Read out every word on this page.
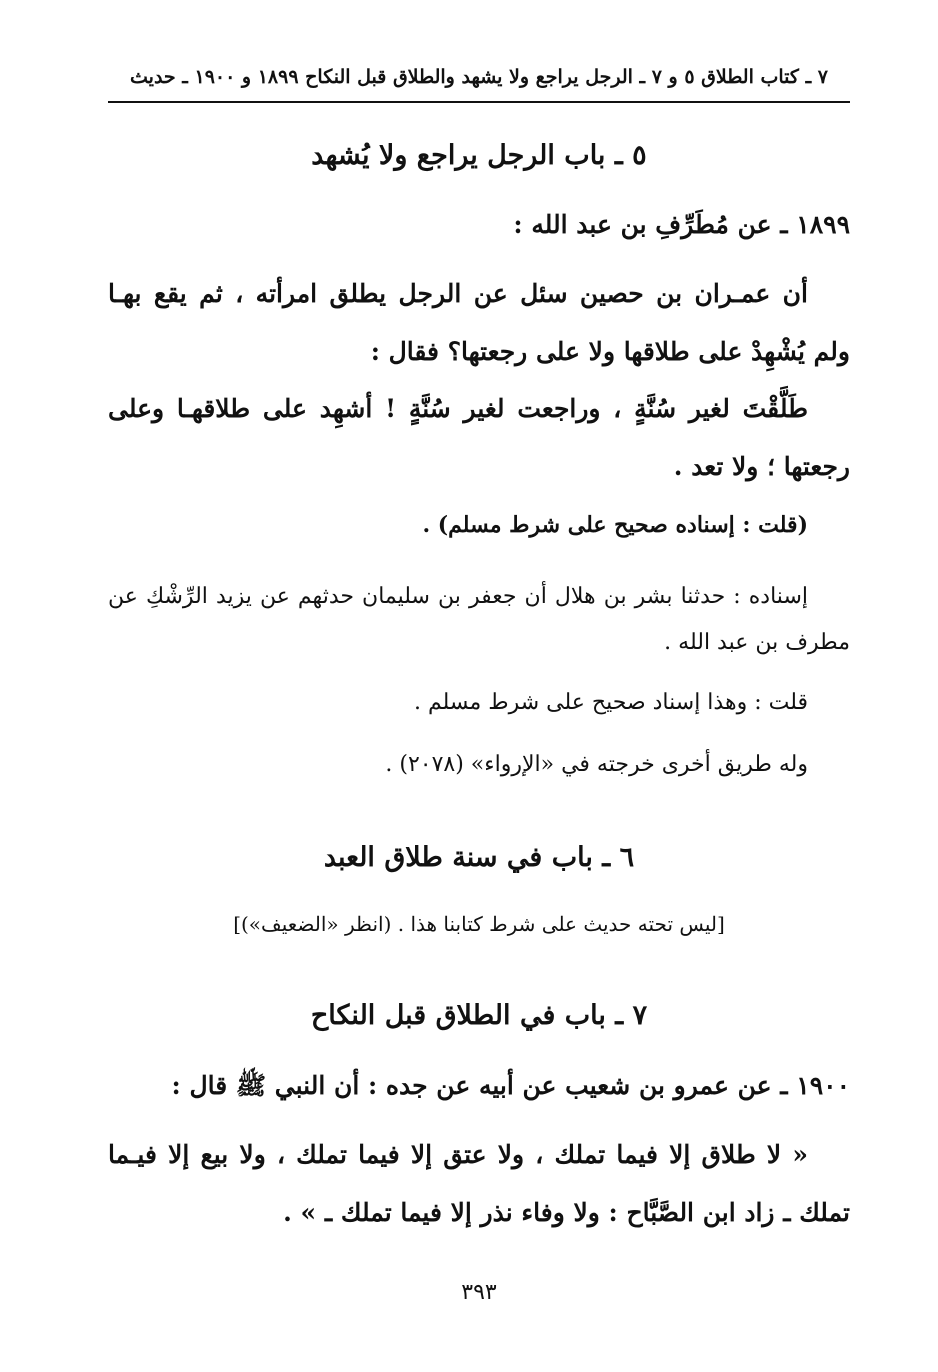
٧ ـ كتاب الطلاق ٥ و ٧ ـ الرجل يراجع ولا يشهد والطلاق قبل النكاح ١٨٩٩ و ١٩٠٠ ـ حديث
٥ ـ باب الرجل يراجع ولا يُشهد
١٨٩٩ ـ عن مُطَرِّفِ بن عبد الله :
أن عمـران بن حصين سئل عن الرجل يطلق امرأته ، ثم يقع بهـا ولم يُشْهِدْ على طلاقها ولا على رجعتها؟ فقال :
طَلَّقْتَ لغير سُنَّةٍ ، وراجعت لغير سُنَّةٍ ! أشهِد على طلاقهـا وعلى رجعتها ؛ ولا تعد .
(قلت : إسناده صحيح على شرط مسلم) .
إسناده : حدثنا بشر بن هلال أن جعفر بن سليمان حدثهم عن يزيد الرِّشْكِ عن مطرف بن عبد الله .
قلت : وهذا إسناد صحيح على شرط مسلم .
وله طريق أخرى خرجته في «الإرواء» (٢٠٧٨) .
٦ ـ باب في سنة طلاق العبد
[ليس تحته حديث على شرط كتابنا هذا . (انظر «الضعيف»)]
٧ ـ باب في الطلاق قبل النكاح
١٩٠٠ ـ عن عمرو بن شعيب عن أبيه عن جده : أن النبي ﷺ قال :
« لا طلاق إلا فيما تملك ، ولا عتق إلا فيما تملك ، ولا بيع إلا فيـما تملك ـ زاد ابن الصَّبَّاح : ولا وفاء نذر إلا فيما تملك ـ » .
٣٩٣
